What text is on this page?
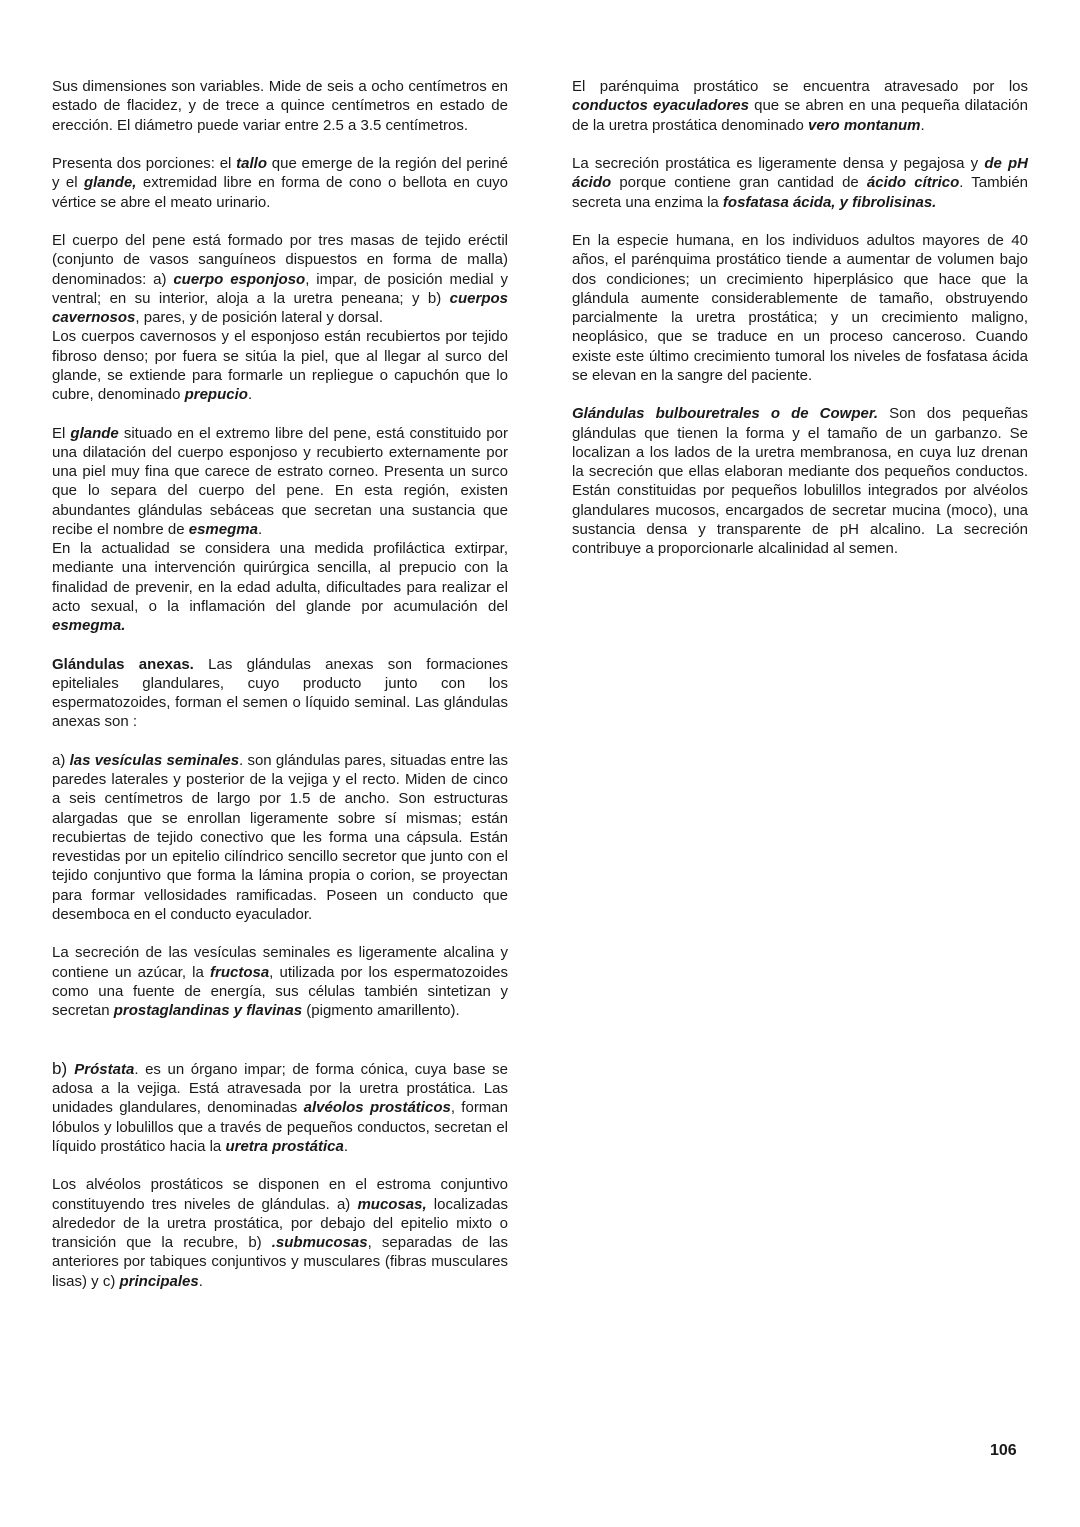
Sus dimensiones son variables. Mide de seis a ocho centímetros en estado de flacidez, y de trece a quince centímetros en estado de erección. El diámetro puede variar entre 2.5 a 3.5 centímetros.

Presenta dos porciones: el tallo que emerge de la región del periné y el glande, extremidad libre en forma de cono o bellota en cuyo vértice se abre el meato urinario.

El cuerpo del pene está formado por tres masas de tejido eréctil (conjunto de vasos sanguíneos dispuestos en forma de malla) denominados: a) cuerpo esponjoso, impar, de posición medial y ventral; en su interior, aloja a la uretra peneana; y b) cuerpos cavernosos, pares, y de posición lateral y dorsal.

Los cuerpos cavernosos y el esponjoso están recubiertos por tejido fibroso denso; por fuera se sitúa la piel, que al llegar al surco del glande, se extiende para formarle un repliegue o capuchón que lo cubre, denominado prepucio.

El glande situado en el extremo libre del pene, está constituido por una dilatación del cuerpo esponjoso y recubierto externamente por una piel muy fina que carece de estrato corneo. Presenta un surco que lo separa del cuerpo del pene. En esta región, existen abundantes glándulas sebáceas que secretan una sustancia que recibe el nombre de esmegma.

En la actualidad se considera una medida profiláctica extirpar, mediante una intervención quirúrgica sencilla, al prepucio con la finalidad de prevenir, en la edad adulta, dificultades para realizar el acto sexual, o la inflamación del glande por acumulación del esmegma.

Glándulas anexas. Las glándulas anexas son formaciones epiteliales glandulares, cuyo producto junto con los espermatozoides, forman el semen o líquido seminal. Las glándulas anexas son :

a) las vesículas seminales. son glándulas pares, situadas entre las paredes laterales y posterior de la vejiga y el recto. Miden de cinco a seis centímetros de largo por 1.5 de ancho. Son estructuras alargadas que se enrollan ligeramente sobre sí mismas; están recubiertas de tejido conectivo que les forma una cápsula. Están revestidas por un epitelio cilíndrico sencillo secretor que junto con el tejido conjuntivo que forma la lámina propia o corion, se proyectan para formar vellosidades ramificadas. Poseen un conducto que desemboca en el conducto eyaculador.

La secreción de las vesículas seminales es ligeramente alcalina y contiene un azúcar, la fructosa, utilizada por los espermatozoides como una fuente de energía, sus células también sintetizan y secretan prostaglandinas y flavinas (pigmento amarillento).

b) Próstata. es un órgano impar; de forma cónica, cuya base se adosa a la vejiga. Está atravesada por la uretra prostática. Las unidades glandulares, denominadas alvéolos prostáticos, forman lóbulos y lobulillos que a través de pequeños conductos, secretan el líquido prostático hacia la uretra prostática.

Los alvéolos prostáticos se disponen en el estroma conjuntivo constituyendo tres niveles de glándulas. a) mucosas, localizadas alrededor de la uretra prostática, por debajo del epitelio mixto o transición que la recubre, b) .submucosas, separadas de las anteriores por tabiques conjuntivos y musculares (fibras musculares lisas) y c) principales.

El parénquima prostático se encuentra atravesado por los conductos eyaculadores que se abren en una pequeña dilatación de la uretra prostática denominado vero montanum.

La secreción prostática es ligeramente densa y pegajosa y de pH ácido porque contiene gran cantidad de ácido cítrico. También secreta una enzima la fosfatasa ácida, y fibrolisinas.

En la especie humana, en los individuos adultos mayores de 40 años, el parénquima prostático tiende a aumentar de volumen bajo dos condiciones; un crecimiento hiperplásico que hace que la glándula aumente considerablemente de tamaño, obstruyendo parcialmente la uretra prostática; y un crecimiento maligno, neoplásico, que se traduce en un proceso canceroso. Cuando existe este último crecimiento tumoral los niveles de fosfatasa ácida se elevan en la sangre del paciente.

Glándulas bulbouretrales o de Cowper. Son dos pequeñas glándulas que tienen la forma y el tamaño de un garbanzo. Se localizan a los lados de la uretra membranosa, en cuya luz drenan la secreción que ellas elaboran mediante dos pequeños conductos. Están constituidas por pequeños lobulillos integrados por alvéolos glandulares mucosos, encargados de secretar mucina (moco), una sustancia densa y transparente de pH alcalino. La secreción contribuye a proporcionarle alcalinidad al semen.

106
